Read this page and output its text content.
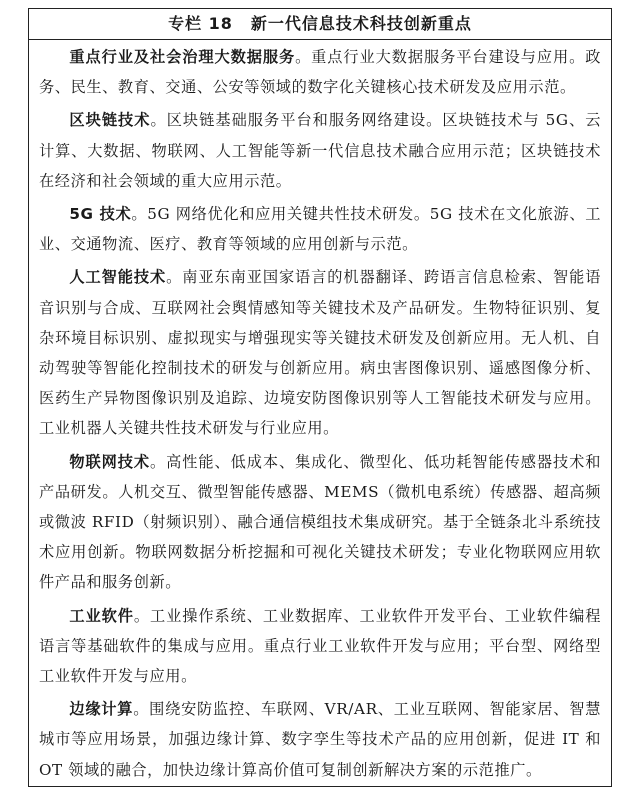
专栏 18 新一代信息技术科技创新重点

重点行业及社会治理大数据服务。重点行业大数据服务平台建设与应用。政务、民生、教育、交通、公安等领域的数字化关键核心技术研发及应用示范。

区块链技术。区块链基础服务平台和服务网络建设。区块链技术与 5G、云计算、大数据、物联网、人工智能等新一代信息技术融合应用示范；区块链技术在经济和社会领域的重大应用示范。

5G 技术。5G 网络优化和应用关键共性技术研发。5G 技术在文化旅游、工业、交通物流、医疗、教育等领域的应用创新与示范。

人工智能技术。南亚东南亚国家语言的机器翻译、跨语言信息检索、智能语音识别与合成、互联网社会舆情感知等关键技术及产品研发。生物特征识别、复杂环境目标识别、虚拟现实与增强现实等关键技术研发及创新应用。无人机、自动驾驶等智能化控制技术的研发与创新应用。病虫害图像识别、遥感图像分析、医药生产异物图像识别及追踪、边境安防图像识别等人工智能技术研发与应用。工业机器人关键共性技术研发与行业应用。

物联网技术。高性能、低成本、集成化、微型化、低功耗智能传感器技术和产品研发。人机交互、微型智能传感器、MEMS（微机电系统）传感器、超高频或微波 RFID（射频识别）、融合通信模组技术集成研究。基于全链条北斗系统技术应用创新。物联网数据分析挖掘和可视化关键技术研发；专业化物联网应用软件产品和服务创新。

工业软件。工业操作系统、工业数据库、工业软件开发平台、工业软件编程语言等基础软件的集成与应用。重点行业工业软件开发与应用；平台型、网络型工业软件开发与应用。

边缘计算。围绕安防监控、车联网、VR/AR、工业互联网、智能家居、智慧城市等应用场景，加强边缘计算、数字孪生等技术产品的应用创新，促进 IT 和 OT 领域的融合，加快边缘计算高价值可复制创新解决方案的示范推广。
